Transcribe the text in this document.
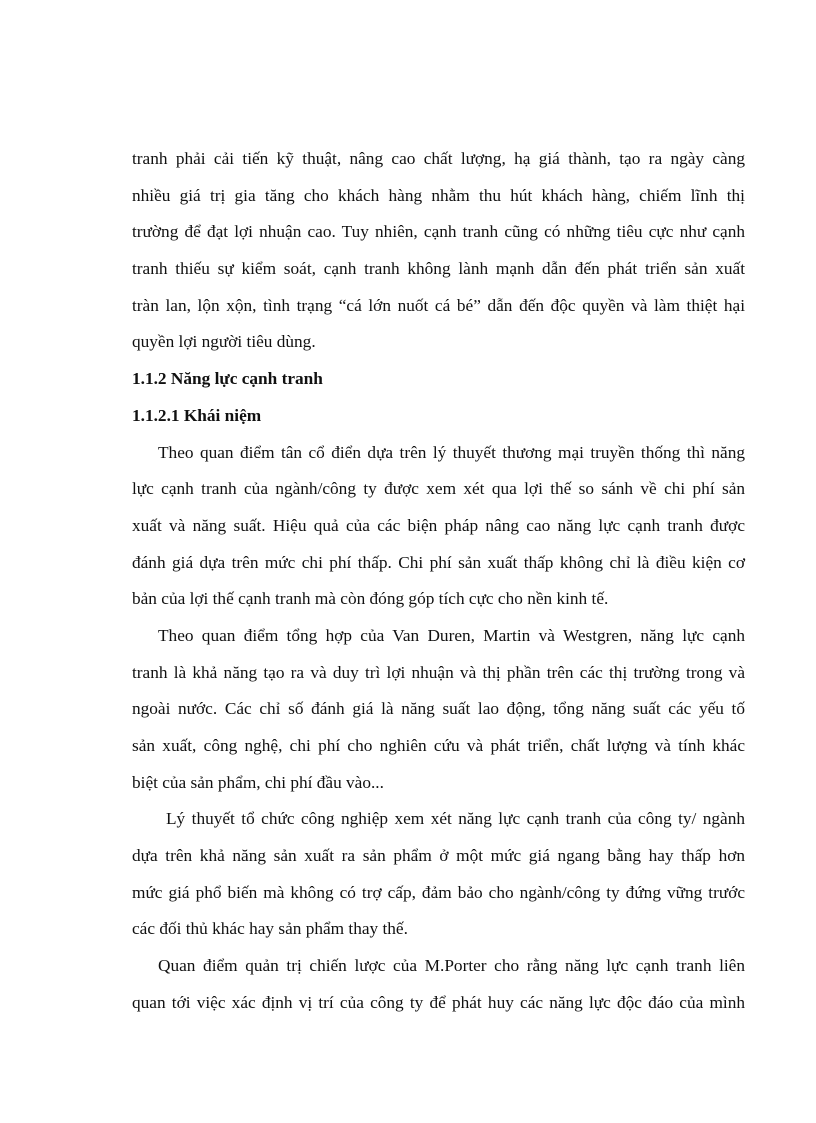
tranh phải cải tiến kỹ thuật, nâng cao chất lượng, hạ giá thành, tạo ra ngày càng
nhiều giá trị gia tăng cho khách hàng nhằm thu hút khách hàng, chiếm lĩnh thị
trường để đạt lợi nhuận cao. Tuy nhiên, cạnh tranh cũng có những tiêu cực như cạnh
tranh thiếu sự kiểm soát, cạnh tranh không lành mạnh dẫn đến phát triển sản xuất
tràn lan, lộn xộn, tình trạng “cá lớn nuốt cá bé” dẫn đến độc quyền và làm thiệt hại
quyền lợi người tiêu dùng.
1.1.2 Năng lực cạnh tranh
1.1.2.1 Khái niệm
Theo quan điểm tân cổ điển dựa trên lý thuyết thương mại truyền thống thì năng
lực cạnh tranh của ngành/công ty được xem xét qua lợi thế so sánh về chi phí sản
xuất và năng suất. Hiệu quả của các biện pháp nâng cao năng lực cạnh tranh được
đánh giá dựa trên mức chi phí thấp. Chi phí sản xuất thấp không chỉ là điều kiện cơ
bản của lợi thế cạnh tranh mà còn đóng góp tích cực cho nền kinh tế.
Theo quan điểm tổng hợp của Van Duren, Martin và Westgren, năng lực cạnh
tranh là khả năng tạo ra và duy trì lợi nhuận và thị phần trên các thị trường trong và
ngoài nước. Các chỉ số đánh giá là năng suất lao động, tổng năng suất các yếu tố
sản xuất, công nghệ, chi phí cho nghiên cứu và phát triển, chất lượng và tính khác
biệt của sản phẩm, chi phí đầu vào...
Lý thuyết tổ chức công nghiệp xem xét năng lực cạnh tranh của công ty/ ngành
dựa trên khả năng sản xuất ra sản phẩm ở một mức giá ngang bằng hay thấp hơn
mức giá phổ biến mà không có trợ cấp, đảm bảo cho ngành/công ty đứng vững trước
các đối thủ khác hay sản phẩm thay thế.
Quan điểm quản trị chiến lược của M.Porter cho rằng năng lực cạnh tranh liên
quan tới việc xác định vị trí của công ty để phát huy các năng lực độc đáo của mình
